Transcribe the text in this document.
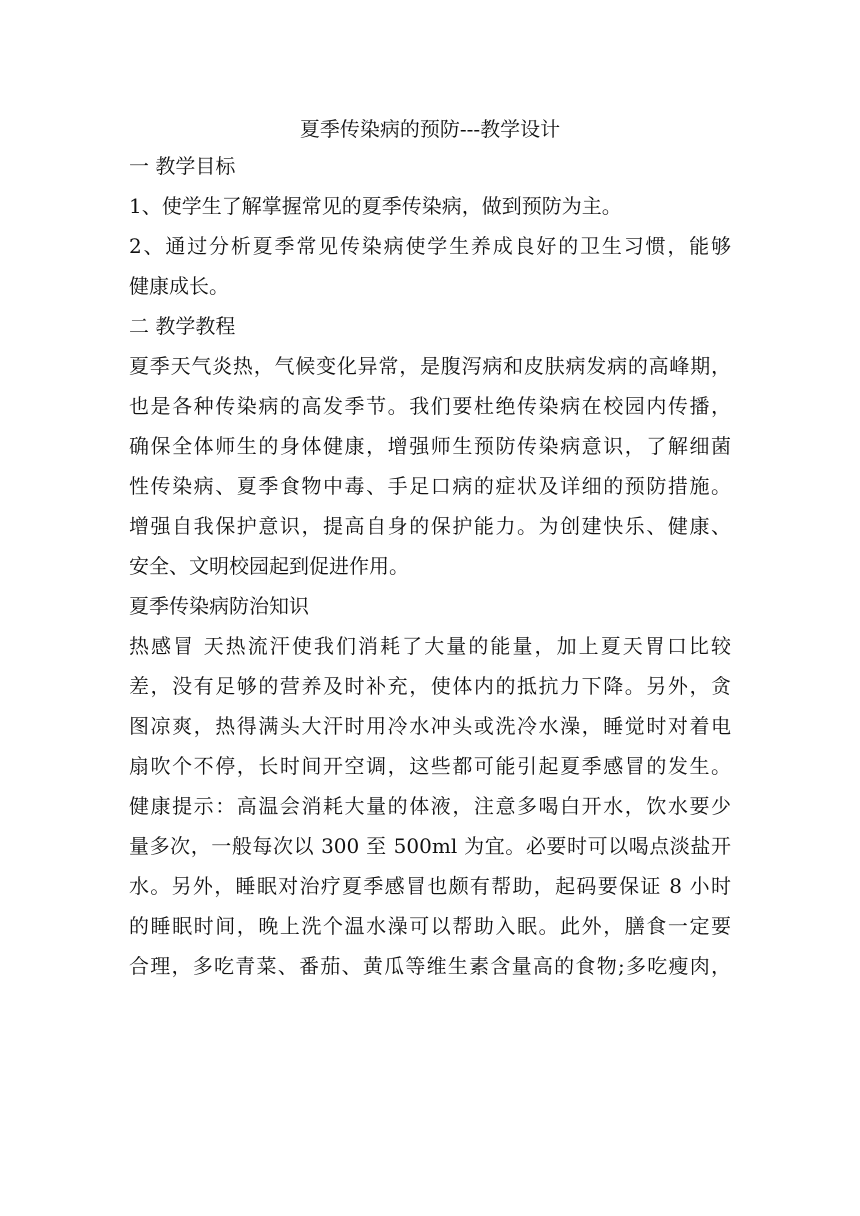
夏季传染病的预防---教学设计

一 教学目标

1、使学生了解掌握常见的夏季传染病，做到预防为主。

2、通过分析夏季常见传染病使学生养成良好的卫生习惯，能够

健康成长。

二 教学教程

夏季天气炎热，气候变化异常，是腹泻病和皮肤病发病的高峰期，

也是各种传染病的高发季节。我们要杜绝传染病在校园内传播，

确保全体师生的身体健康，增强师生预防传染病意识，了解细菌

性传染病、夏季食物中毒、手足口病的症状及详细的预防措施。

增强自我保护意识，提高自身的保护能力。为创建快乐、健康、

安全、文明校园起到促进作用。

夏季传染病防治知识

热感冒 天热流汗使我们消耗了大量的能量，加上夏天胃口比较

差，没有足够的营养及时补充，使体内的抵抗力下降。另外，贪

图凉爽，热得满头大汗时用冷水冲头或洗冷水澡，睡觉时对着电

扇吹个不停，长时间开空调，这些都可能引起夏季感冒的发生。

健康提示：高温会消耗大量的体液，注意多喝白开水，饮水要少

量多次，一般每次以 300 至 500ml 为宜。必要时可以喝点淡盐开

水。另外，睡眠对治疗夏季感冒也颇有帮助，起码要保证 8 小时

的睡眠时间，晚上洗个温水澡可以帮助入眠。此外，膳食一定要

合理，多吃青菜、番茄、黄瓜等维生素含量高的食物;多吃瘦肉，
